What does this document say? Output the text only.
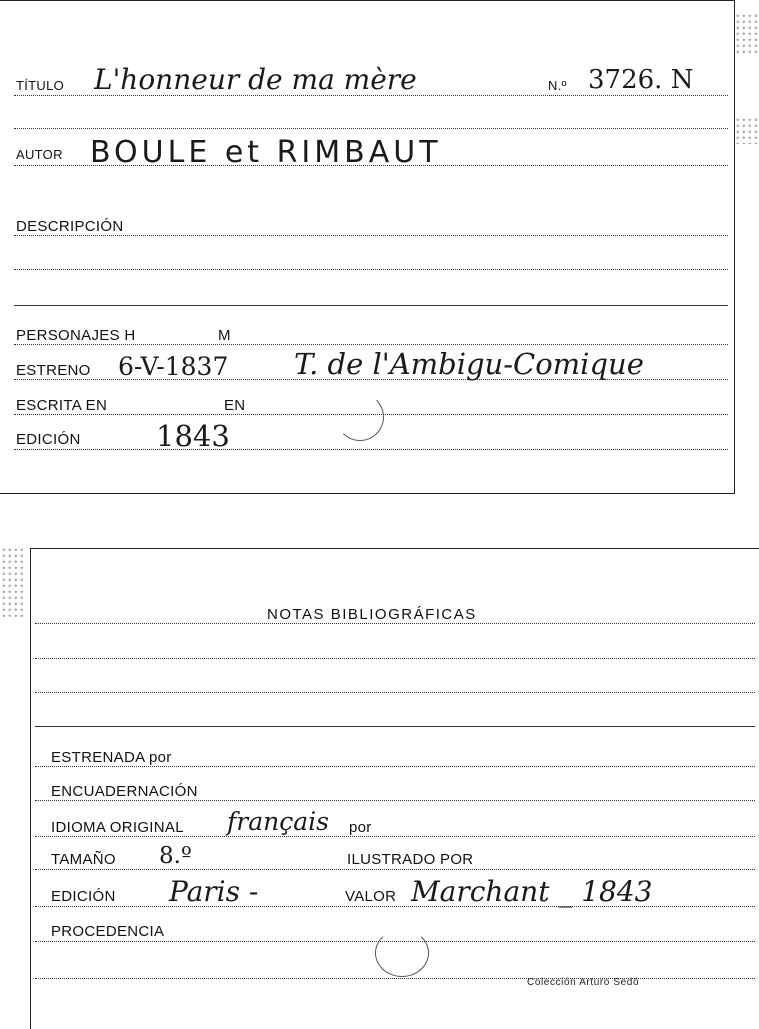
TÍTULO L'honneur de ma mère	N.º 3726. N
AUTOR BOULE et RIMBAUT
DESCRIPCIÓN
PERSONAJES H	M
ESTRENO 6-V-1837 T. de l'Ambigu-Comique
ESCRITA EN	EN
EDICIÓN	1843
NOTAS BIBLIOGRÁFICAS
ESTRENADA por
ENCUADERNACIÓN
IDIOMA ORIGINAL français por
TAMAÑO 8.º	ILUSTRADO POR
EDICIÓN Paris -	VALOR Marchant _ 1843
PROCEDENCIA
Colección Arturo Sedó
